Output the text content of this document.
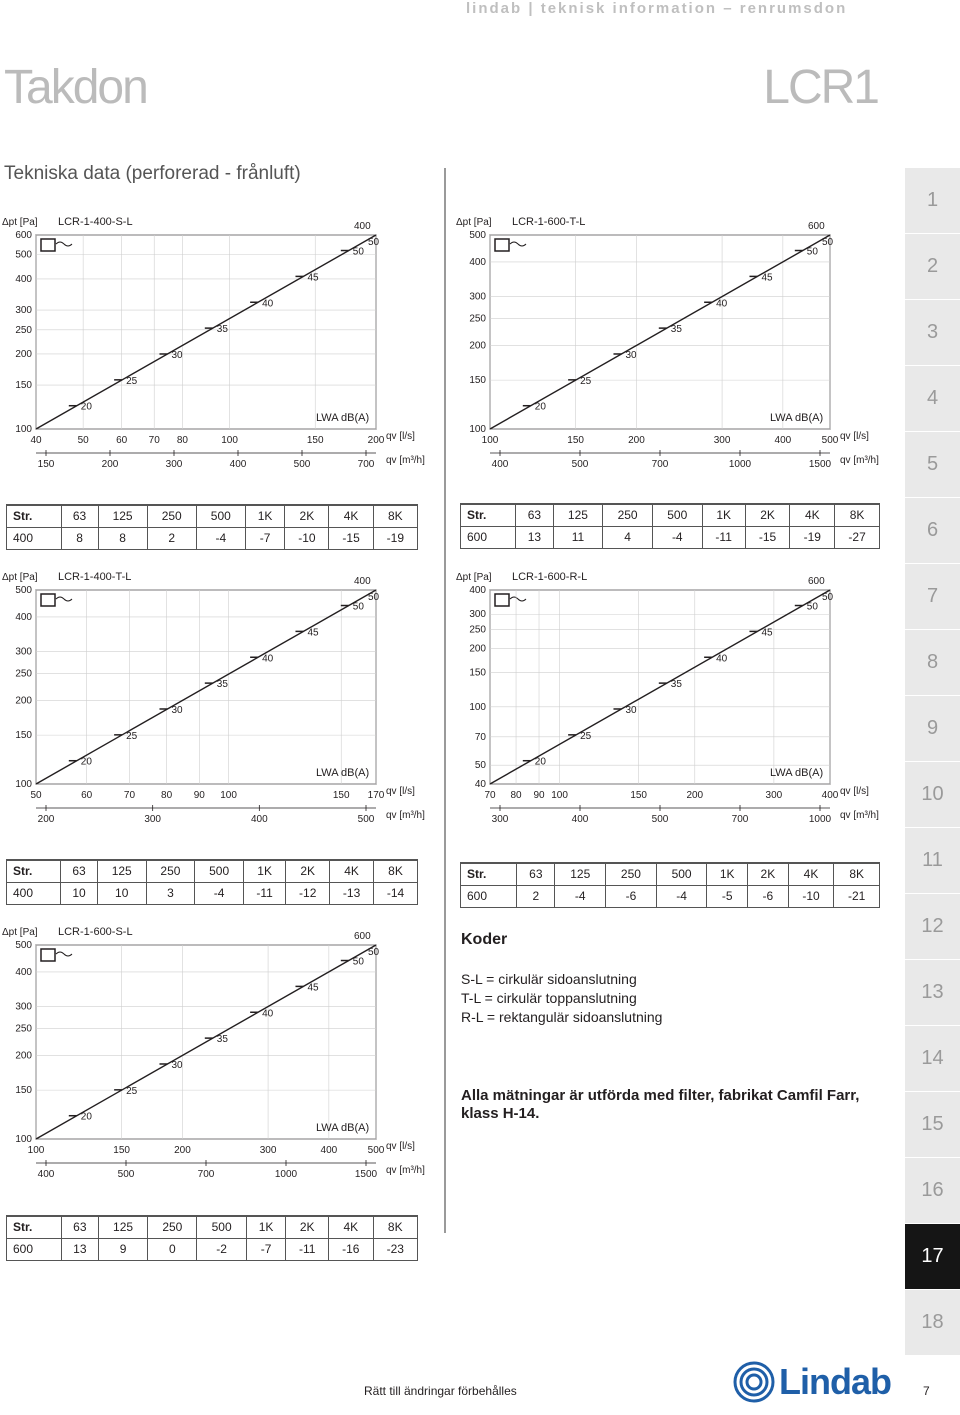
lindab | teknisk information – renrumsdon
Takdon	LCR1
Tekniska data (perforerad - frånluft)
LCR-1-400-S-L
Δpt [Pa]
100
150
200
250
300
400
500
600
40	50	60 70 80	100	150	200
150	200	300	400	500	700
qv [l/s]
qv [m³/h]
LWA dB(A)
20
25
30
35
40
45
50
400
50
LCR-1-600-T-L
Δpt [Pa]
100
150
200
250
300
400
500
100	150	200	300	400	500
400	500	700	1000	1500
qv [l/s]
qv [m³/h]
LWA dB(A)
20
25
30
35
40
45
50
600
50
LCR-1-400-T-L
Δpt [Pa]
100
150
200
250
300
400
500
50	60	70	80 90 100	150 170
200	300	400	500
qv [l/s]
qv [m³/h]
LWA dB(A)
20
25
30
35
40
45
50
400
50
LCR-1-600-R-L
Δpt [Pa]
40
50
70
100
150
200
250
300
400
70 80 90 100	150	200	300	400
300	400	500	700	1000
qv [l/s]
qv [m³/h]
LWA dB(A)
20
25
30
35
40
45
50
600
50
LCR-1-600-S-L
Δpt [Pa]
100
150
200
250
300
400
500
100	150	200	300	400	500
400	500	700	1000	1500
qv [l/s]
qv [m³/h]
LWA dB(A)
20
25
30
35
40
45
50
600
50
Str.	63	125	250	500	1K	2K	4K	8K
400	8	8	2	-4	-7	-10	-15	-19
Str.	63	125	250	500	1K	2K	4K	8K
600	13	11	4	-4	-11	-15	-19	-27
Str.	63	125	250	500	1K	2K	4K	8K
400	10	10	3	-4	-11	-12	-13	-14
Str.	63	125	250	500	1K	2K	4K	8K
600	2	-4	-6	-4	-5	-6	-10	-21
Str.	63	125	250	500	1K	2K	4K	8K
600	13	9	0	-2	-7	-11	-16	-23
Koder
S-L = cirkulär sidoanslutning
T-L = cirkulär toppanslutning
R-L = rektangulär sidoanslutning
Alla mätningar är utförda med filter, fabrikat Camfil Farr, klass H-14.
1
2
3
4
5
6
7
8
9
10
11
12
13
14
15
16
17
18
Rätt till ändringar förbehålles	Lindab	7
